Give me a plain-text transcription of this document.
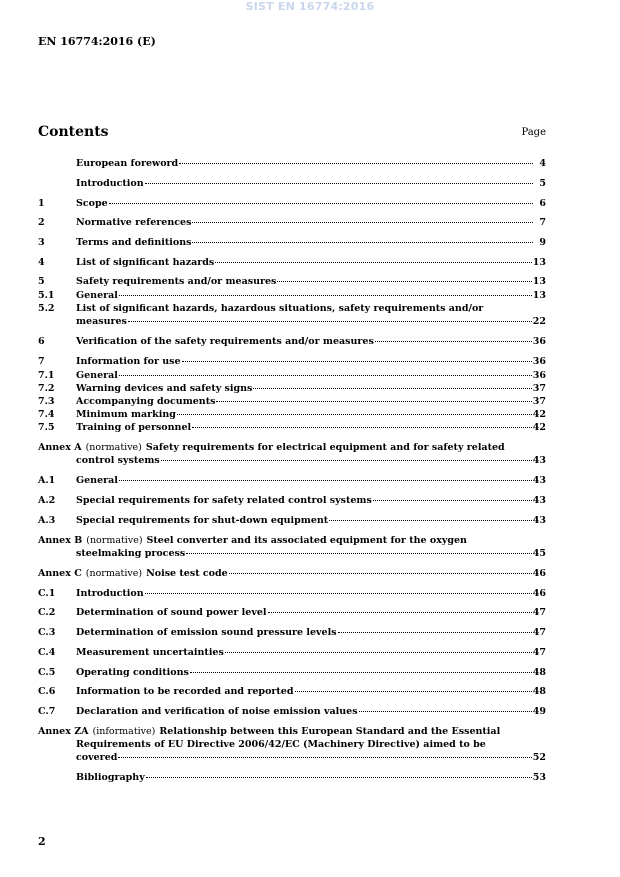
SIST EN 16774:2016
EN 16774:2016 (E)
Contents	Page
European foreword	4
Introduction	5
1	Scope	6
2	Normative references	7
3	Terms and definitions	9
4	List of significant hazards	13
5	Safety requirements and/or measures	13
5.1	General	13
5.2	List of significant hazards, hazardous situations, safety requirements and/or
measures	22
6	Verification of the safety requirements and/or measures	36
7	Information for use	36
7.1	General	36
7.2	Warning devices and safety signs	37
7.3	Accompanying documents	37
7.4	Minimum marking	42
7.5	Training of personnel	42
Annex A (normative) Safety requirements for electrical equipment and for safety related
control systems	43
A.1	General	43
A.2	Special requirements for safety related control systems	43
A.3	Special requirements for shut-down equipment	43
Annex B (normative) Steel converter and its associated equipment for the oxygen
steelmaking process	45
Annex C (normative) Noise test code	46
C.1	Introduction	46
C.2	Determination of sound power level	47
C.3	Determination of emission sound pressure levels	47
C.4	Measurement uncertainties	47
C.5	Operating conditions	48
C.6	Information to be recorded and reported	48
C.7	Declaration and verification of noise emission values	49
Annex ZA (informative) Relationship between this European Standard and the Essential
Requirements of EU Directive 2006/42/EC (Machinery Directive) aimed to be
covered	52
Bibliography	53
2
